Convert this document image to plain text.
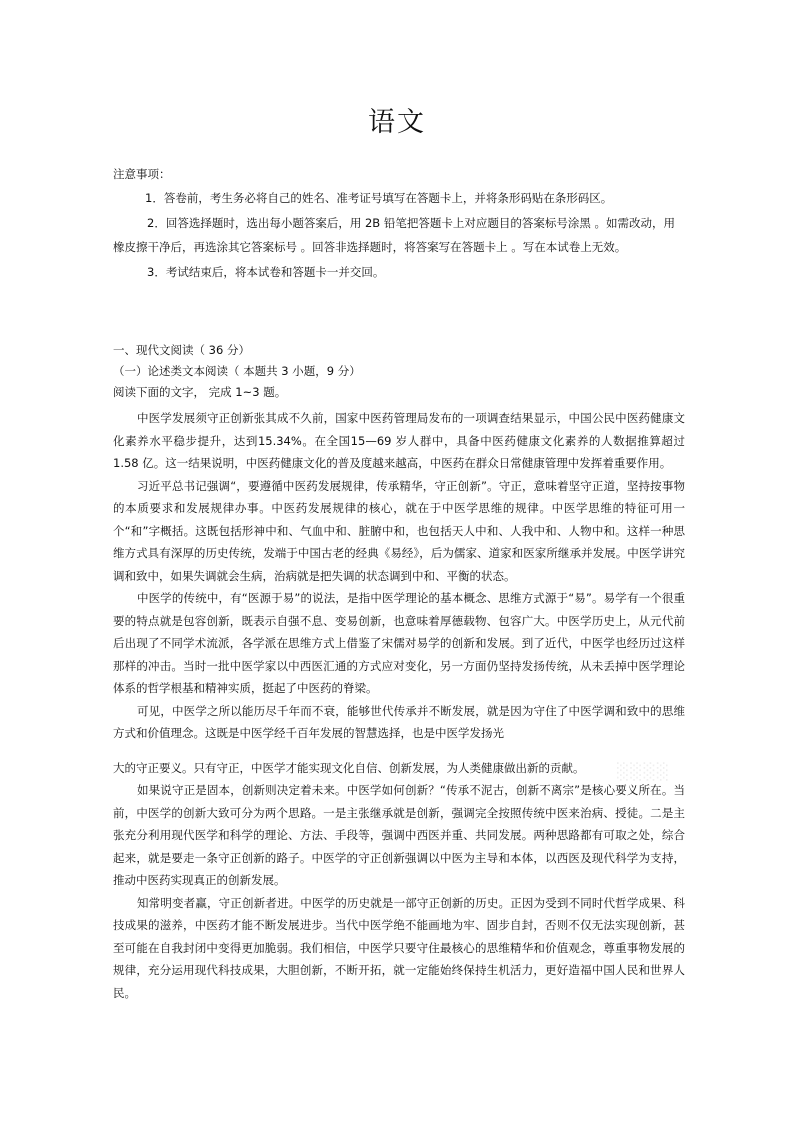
语文
注意事项：

1．答卷前，考生务必将自己的姓名、准考证号填写在答题卡上，并将条形码贴在条形码区。

2．回答选择题时，选出每小题答案后，用 2B 铅笔把答题卡上对应题目的答案标号涂黑 。如需改动，用橡皮擦干净后，再选涂其它答案标号 。回答非选择题时，将答案写在答题卡上 。写在本试卷上无效。

3．考试结束后，将本试卷和答题卡一并交回。

一、现代文阅读（ 36 分）
（一）论述类文本阅读（ 本题共 3 小题，9 分）
阅读下面的文字， 完成 1~3 题。

中医学发展须守正创新张其成不久前，国家中医药管理局发布的一项调查结果显示，中国公民中医药健康文化素养水平稳步提升，达到15.34%。在全国15—69 岁人群中，具备中医药健康文化素养的人数据推算超过1.58 亿。这一结果说明，中医药健康文化的普及度越来越高，中医药在群众日常健康管理中发挥着重要作用。

习近平总书记强调“，要遵循中医药发展规律，传承精华，守正创新”。守正，意味着坚守正道，坚持按事物的本质要求和发展规律办事。中医药发展规律的核心，就在于中医学思维的规律。中医学思维的特征可用一个“和”字概括。这既包括形神中和、气血中和、脏腑中和，也包括天人中和、人我中和、人物中和。这样一种思维方式具有深厚的历史传统，发端于中国古老的经典《易经》，后为儒家、道家和医家所继承并发展。中医学讲究调和致中，如果失调就会生病，治病就是把失调的状态调到中和、平衡的状态。

中医学的传统中，有“医源于易”的说法，是指中医学理论的基本概念、思维方式源于“易”。易学有一个很重要的特点就是包容创新，既表示自强不息、变易创新，也意味着厚德载物、包容广大。中医学历史上，从元代前后出现了不同学术流派，各学派在思维方式上借鉴了宋儒对易学的创新和发展。到了近代，中医学也经历过这样那样的冲击。当时一批中医学家以中西医汇通的方式应对变化，另一方面仍坚持发扬传统，从未丢掉中医学理论体系的哲学根基和精神实质，挺起了中医药的脊梁。

可见，中医学之所以能历尽千年而不衰，能够世代传承并不断发展，就是因为守住了中医学调和致中的思维方式和价值理念。这既是中医学经千百年发展的智慧选择，也是中医学发扬光

大的守正要义。只有守正，中医学才能实现文化自信、创新发展，为人类健康做出新的贡献。

如果说守正是固本，创新则决定着未来。中医学如何创新？“传承不泥古，创新不离宗”是核心要义所在。当前，中医学的创新大致可分为两个思路。一是主张继承就是创新，强调完全按照传统中医来治病、授徒。二是主张充分利用现代医学和科学的理论、方法、手段等，强调中西医并重、共同发展。两种思路都有可取之处，综合起来，就是要走一条守正创新的路子。中医学的守正创新强调以中医为主导和本体，以西医及现代科学为支持，推动中医药实现真正的创新发展。

知常明变者赢，守正创新者进。中医学的历史就是一部守正创新的历史。正因为受到不同时代哲学成果、科技成果的滋养，中医药才能不断发展进步。当代中医学绝不能画地为牢、固步自封，否则不仅无法实现创新，甚至可能在自我封闭中变得更加脆弱。我们相信，中医学只要守住最核心的思维精华和价值观念，尊重事物发展的规律，充分运用现代科技成果，大胆创新，不断开拓，就一定能始终保持生机活力，更好造福中国人民和世界人民。

░░░░
